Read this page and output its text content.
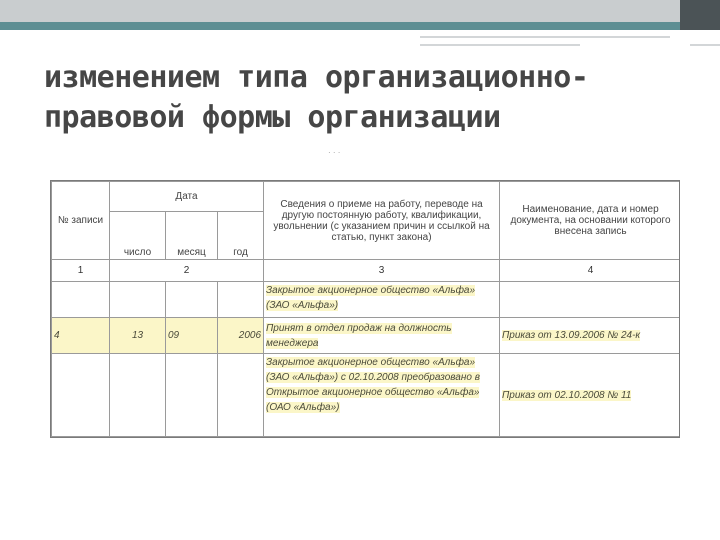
изменением типа организационно-
правовой формы организации
· · ·
№ записи	Дата			Сведения о приеме на работу, переводе на другую постоянную работу, квалификации, увольнении (с указанием причин и ссылкой на статью, пункт закона)	Наименование, дата и номер документа, на основании которого внесена запись
	число	месяц	год		
1	2			3	4
				Закрытое акционерное общество «Альфа» (ЗАО «Альфа»)	
4	13	09	2006	Принят в отдел продаж на должность менеджера	Приказ от 13.09.2006 № 24-к
				Закрытое акционерное общество «Альфа» (ЗАО «Альфа») с 02.10.2008 преобразовано в Открытое акционерное общество «Альфа» (ОАО «Альфа»)	Приказ от 02.10.2008 № 11
